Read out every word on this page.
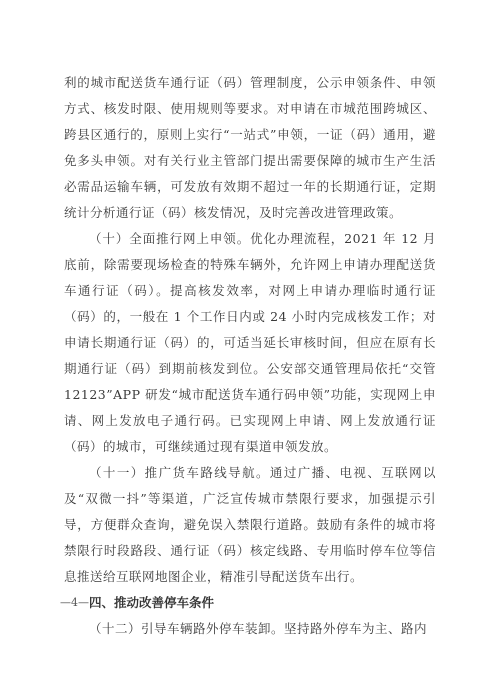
利的城市配送货车通行证（码）管理制度，公示申领条件、申领方式、核发时限、使用规则等要求。对申请在市城范围跨城区、跨县区通行的，原则上实行“一站式”申领，一证（码）通用，避免多头申领。对有关行业主管部门提出需要保障的城市生产生活必需品运输车辆，可发放有效期不超过一年的长期通行证，定期统计分析通行证（码）核发情况，及时完善改进管理政策。

（十）全面推行网上申领。优化办理流程，2021 年 12 月底前，除需要现场检查的特殊车辆外，允许网上申请办理配送货车通行证（码）。提高核发效率，对网上申请办理临时通行证（码）的，一般在 1 个工作日内或 24 小时内完成核发工作；对申请长期通行证（码）的，可适当延长审核时间，但应在原有长期通行证（码）到期前核发到位。公安部交通管理局依托“交管12123”APP 研发“城市配送货车通行码申领”功能，实现网上申请、网上发放电子通行码。已实现网上申请、网上发放通行证（码）的城市，可继续通过现有渠道申领发放。

（十一）推广货车路线导航。通过广播、电视、互联网以及“双微一抖”等渠道，广泛宣传城市禁限行要求，加强提示引导，方便群众查询，避免误入禁限行道路。鼓励有条件的城市将禁限行时段路段、通行证（码）核定线路、专用临时停车位等信息推送给互联网地图企业，精准引导配送货车出行。

四、推动改善停车条件

（十二）引导车辆路外停车装卸。坚持路外停车为主、路内

—4—
